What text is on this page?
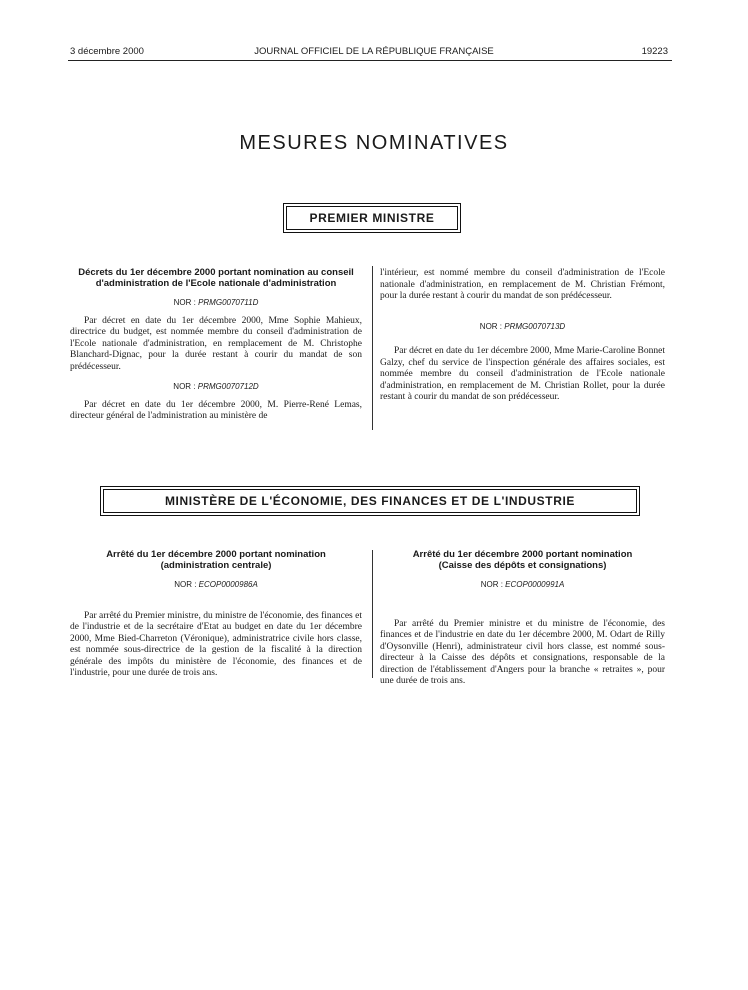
3 décembre 2000	JOURNAL OFFICIEL DE LA RÉPUBLIQUE FRANÇAISE	19223
MESURES NOMINATIVES
PREMIER MINISTRE
Décrets du 1er décembre 2000 portant nomination au conseil d'administration de l'Ecole nationale d'administration
NOR : PRMG0070711D

Par décret en date du 1er décembre 2000, Mme Sophie Mahieux, directrice du budget, est nommée membre du conseil d'administration de l'Ecole nationale d'administration, en remplacement de M. Christophe Blanchard-Dignac, pour la durée restant à courir du mandat de son prédécesseur.

NOR : PRMG0070712D

Par décret en date du 1er décembre 2000, M. Pierre-René Lemas, directeur général de l'administration au ministère de

l'intérieur, est nommé membre du conseil d'administration de l'Ecole nationale d'administration, en remplacement de M. Christian Frémont, pour la durée restant à courir du mandat de son prédécesseur.

NOR : PRMG0070713D

Par décret en date du 1er décembre 2000, Mme Marie-Caroline Bonnet Galzy, chef du service de l'inspection générale des affaires sociales, est nommée membre du conseil d'administration de l'Ecole nationale d'administration, en remplacement de M. Christian Rollet, pour la durée restant à courir du mandat de son prédécesseur.

MINISTÈRE DE L'ÉCONOMIE, DES FINANCES ET DE L'INDUSTRIE
Arrêté du 1er décembre 2000 portant nomination
(administration centrale)
NOR : ECOP0000986A

Par arrêté du Premier ministre, du ministre de l'économie, des finances et de l'industrie et de la secrétaire d'Etat au budget en date du 1er décembre 2000, Mme Bied-Charreton (Véronique), administratrice civile hors classe, est nommée sous-directrice de la gestion de la fiscalité à la direction générale des impôts du ministère de l'économie, des finances et de l'industrie, pour une durée de trois ans.

Arrêté du 1er décembre 2000 portant nomination
(Caisse des dépôts et consignations)
NOR : ECOP0000991A

Par arrêté du Premier ministre et du ministre de l'économie, des finances et de l'industrie en date du 1er décembre 2000, M. Odart de Rilly d'Oysonville (Henri), administrateur civil hors classe, est nommé sous-directeur à la Caisse des dépôts et consignations, responsable de la direction de l'établissement d'Angers pour la branche « retraites », pour une durée de trois ans.
